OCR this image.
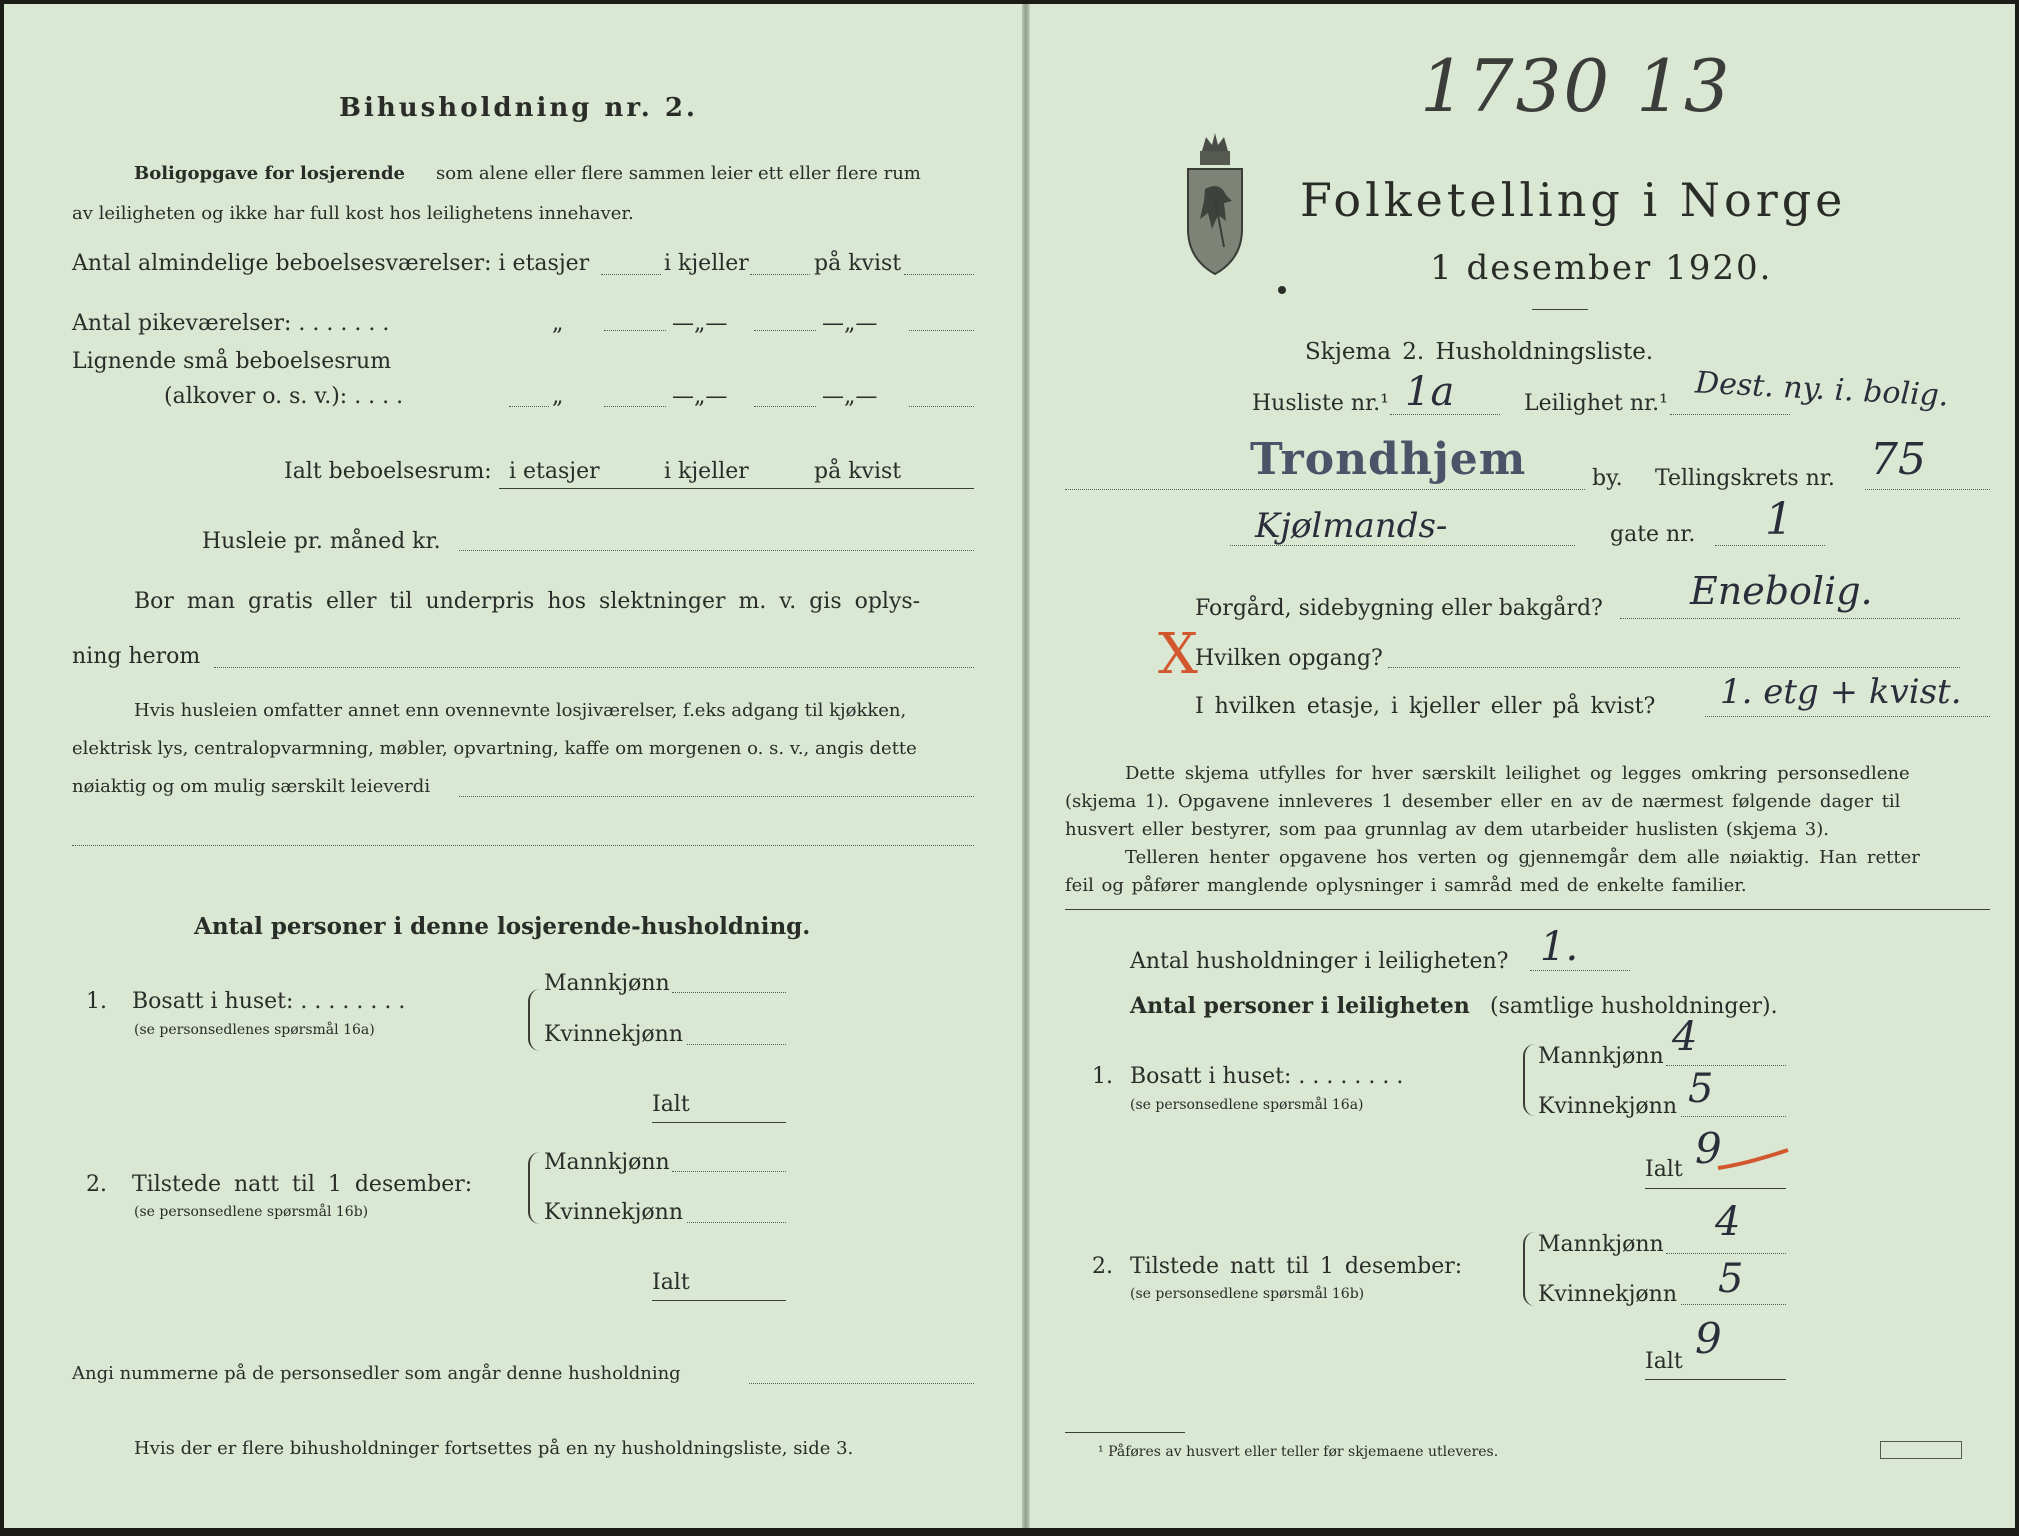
Bihusholdning nr. 2.
Boligopgave for losjerende som alene eller flere sammen leier ett eller flere rum
av leiligheten og ikke har full kost hos leilighetens innehaver.
Antal almindelige beboelsesværelser: i etasjer	i kjeller	på kvist
Antal pikeværelser: . . . . . . .	„	—„—	—„—
Lignende små beboelsesrum
(alkover o. s. v.): . . . .	„	—„—	—„—
Ialt beboelsesrum: i etasjer	i kjeller	på kvist
Husleie pr. måned kr.
Bor man gratis eller til underpris hos slektninger m. v. gis oplys-
ning herom
Hvis husleien omfatter annet enn ovennevnte losjiværelser, f.eks adgang til kjøkken,
elektrisk lys, centralopvarmning, møbler, opvartning, kaffe om morgenen o. s. v., angis dette
nøiaktig og om mulig særskilt leieverdi
Antal personer i denne losjerende-husholdning.
1. Bosatt i huset: . . . . . . . .
(se personsedlenes spørsmål 16a)
Mannkjønn
Kvinnekjønn
Ialt
2. Tilstede natt til 1 desember:
(se personsedlene spørsmål 16b)
Mannkjønn
Kvinnekjønn
Ialt
Angi nummerne på de personsedler som angår denne husholdning
Hvis der er flere bihusholdninger fortsettes på en ny husholdningsliste, side 3.
1730 13
Folketelling i Norge
1 desember 1920.
Skjema 2. Husholdningsliste.
Husliste nr.¹ 1a	Leilighet nr.¹ Dest. ny. i. bolig.
Trondhjem	by. Tellingskrets nr. 75
Kjølmands-	gate nr. 1
Forgård, sidebygning eller bakgård? Enebolig.
X
Hvilken opgang?
I hvilken etasje, i kjeller eller på kvist? 1. etg + kvist.
Dette skjema utfylles for hver særskilt leilighet og legges omkring personsedlene
(skjema 1). Opgavene innleveres 1 desember eller en av de nærmest følgende dager til
husvert eller bestyrer, som paa grunnlag av dem utarbeider huslisten (skjema 3).
Telleren henter opgavene hos verten og gjennemgår dem alle nøiaktig. Han retter
feil og påfører manglende oplysninger i samråd med de enkelte familier.
Antal husholdninger i leiligheten? 1.
Antal personer i leiligheten (samtlige husholdninger).
1. Bosatt i huset: . . . . . . . .
(se personsedlene spørsmål 16a)
Mannkjønn 4
Kvinnekjønn 5
Ialt 9
2. Tilstede natt til 1 desember:
(se personsedlene spørsmål 16b)
Mannkjønn 4
Kvinnekjønn 5
Ialt 9
¹ Påføres av husvert eller teller før skjemaene utleveres.
